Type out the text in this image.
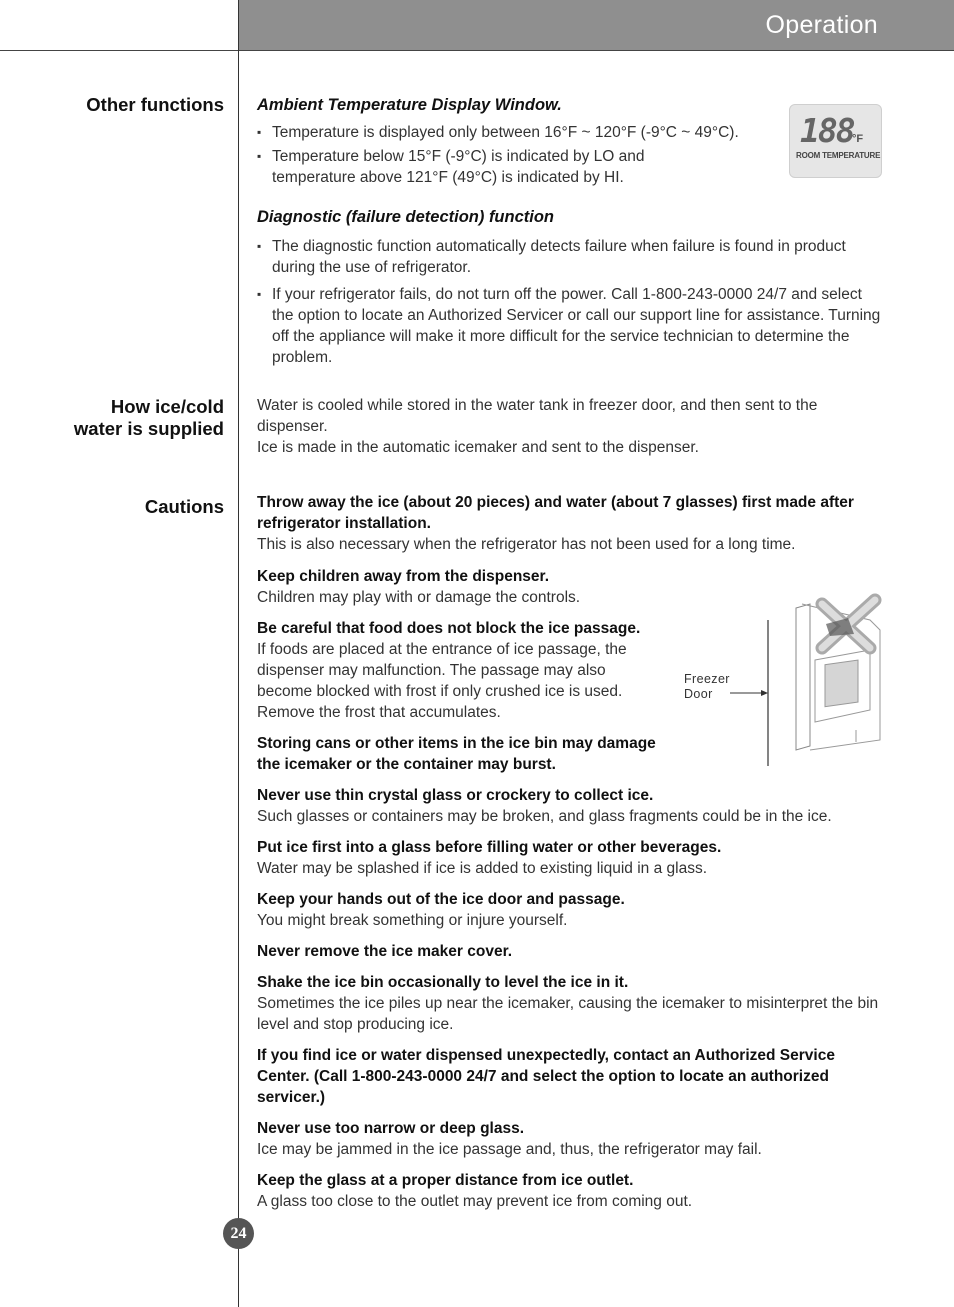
Operation
Other functions
How ice/cold
water is supplied
Cautions
Ambient Temperature Display Window.
▪ Temperature is displayed only between 16°F ~ 120°F (-9°C ~ 49°C).
▪ Temperature below 15°F (-9°C) is indicated by LO and temperature above 121°F (49°C) is indicated by HI.
188
°F
ROOM TEMPERATURE
Diagnostic (failure detection) function
▪ The diagnostic function automatically detects failure when failure is found in product during the use of refrigerator.
▪ If your refrigerator fails, do not turn off the power. Call 1-800-243-0000 24/7 and select the option to locate an Authorized Servicer or call our support line for assistance. Turning off the appliance will make it more difficult for the service technician to determine the problem.
Water is cooled while stored in the water tank in freezer door, and then sent to the dispenser.
Ice is made in the automatic icemaker and sent to the dispenser.
Throw away the ice (about 20 pieces) and water (about 7 glasses) first made after refrigerator installation.
This is also necessary when the refrigerator has not been used for a long time.
Keep children away from the dispenser.
Children may play with or damage the controls.
Be careful that food does not block the ice passage.
If foods are placed at the entrance of ice passage, the dispenser may malfunction. The passage may also become blocked with frost if only crushed ice is used. Remove the frost that accumulates.
Storing cans or other items in the ice bin may damage the icemaker or the container may burst.
Never use thin crystal glass or crockery to collect ice.
Such glasses or containers may be broken, and glass fragments could be in the ice.
Put ice first into a glass before filling water or other beverages.
Water may be splashed if ice is added to existing liquid in a glass.
Keep your hands out of the ice door and passage.
You might break something or injure yourself.
Never remove the ice maker cover.
Shake the ice bin occasionally to level the ice in it.
Sometimes the ice piles up near the icemaker, causing the icemaker to misinterpret the bin level and stop producing ice.
If you find ice or water dispensed unexpectedly, contact an Authorized Service Center. (Call 1-800-243-0000 24/7 and select the option to locate an authorized servicer.)
Never use too narrow or deep glass.
Ice may be jammed in the ice passage and, thus, the refrigerator may fail.
Keep the glass at a proper distance from ice outlet.
A glass too close to the outlet may prevent ice from coming out.
Freezer
Door
24
